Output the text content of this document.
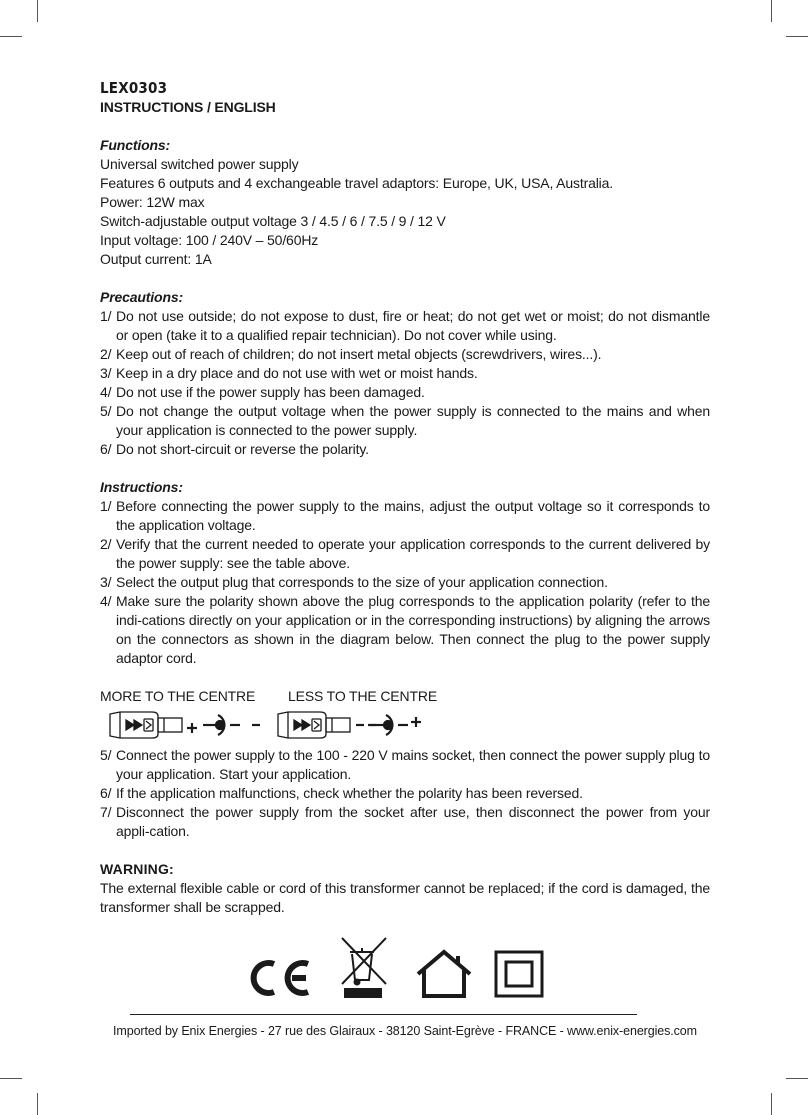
LEX0303
INSTRUCTIONS / ENGLISH
Functions:
Universal switched power supply
Features 6 outputs and 4 exchangeable travel adaptors: Europe, UK, USA, Australia.
Power: 12W max
Switch-adjustable output voltage 3 / 4.5 / 6 / 7.5 / 9 / 12 V
Input voltage: 100 / 240V – 50/60Hz
Output current: 1A
Precautions:
1/ Do not use outside; do not expose to dust, fire or heat; do not get wet or moist; do not dismantle or open (take it to a qualified repair technician). Do not cover while using.
2/ Keep out of reach of children; do not insert metal objects (screwdrivers, wires...).
3/ Keep in a dry place and do not use with wet or moist hands.
4/ Do not use if the power supply has been damaged.
5/ Do not change the output voltage when the power supply is connected to the mains and when your application is connected to the power supply.
6/ Do not short-circuit or reverse the polarity.
Instructions:
1/ Before connecting the power supply to the mains, adjust the output voltage so it corresponds to the application voltage.
2/ Verify that the current needed to operate your application corresponds to the current delivered by the power supply: see the table above.
3/ Select the output plug that corresponds to the size of your application connection.
4/ Make sure the polarity shown above the plug corresponds to the application polarity (refer to the indi-cations directly on your application or in the corresponding instructions) by aligning the arrows on the connectors as shown in the diagram below. Then connect the plug to the power supply adaptor cord.
MORE TO THE CENTRE LESS TO THE CENTRE
5/ Connect the power supply to the 100 - 220 V mains socket, then connect the power supply plug to your application. Start your application.
6/ If the application malfunctions, check whether the polarity has been reversed.
7/ Disconnect the power supply from the socket after use, then disconnect the power from your appli-cation.
WARNING:
The external flexible cable or cord of this transformer cannot be replaced; if the cord is damaged, the transformer shall be scrapped.
Imported by Enix Energies - 27 rue des Glairaux - 38120 Saint-Egrève - FRANCE - www.enix-energies.com
